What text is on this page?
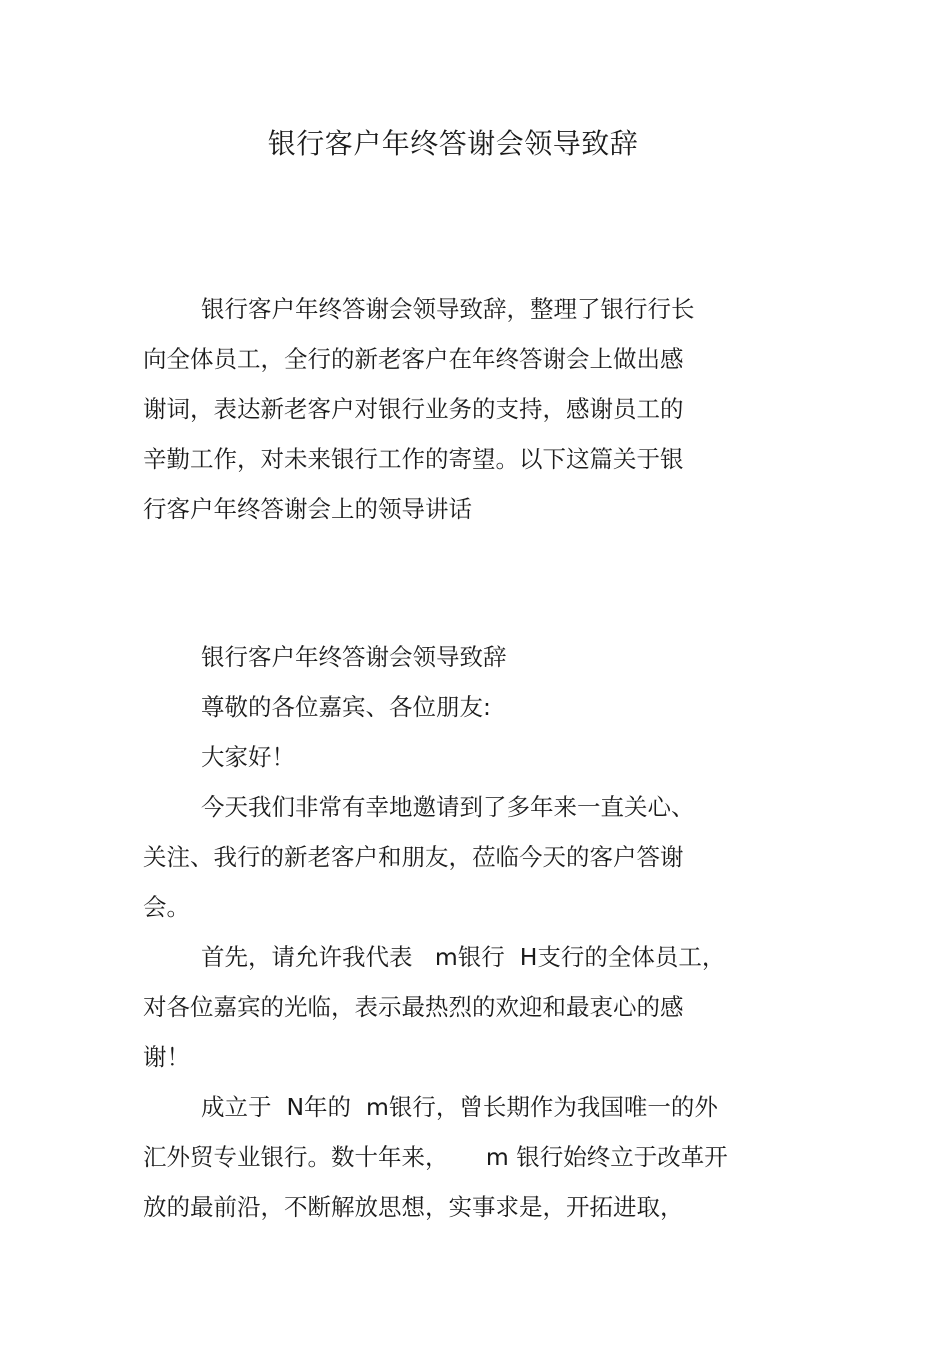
银行客户年终答谢会领导致辞
银行客户年终答谢会领导致辞，整理了银行行长
向全体员工，全行的新老客户在年终答谢会上做出感
谢词，表达新老客户对银行业务的支持，感谢员工的
辛勤工作，对未来银行工作的寄望。以下这篇关于银
行客户年终答谢会上的领导讲话
银行客户年终答谢会领导致辞
尊敬的各位嘉宾、各位朋友:
大家好！
今天我们非常有幸地邀请到了多年来一直关心、
关注、我行的新老客户和朋友，莅临今天的客户答谢
会。
首先，请允许我代表   m银行  H支行的全体员工，
对各位嘉宾的光临，表示最热烈的欢迎和最衷心的感
谢！
成立于  N年的  m银行，曾长期作为我国唯一的外
汇外贸专业银行。数十年来，     m 银行始终立于改革开
放的最前沿，不断解放思想，实事求是，开拓进取，
